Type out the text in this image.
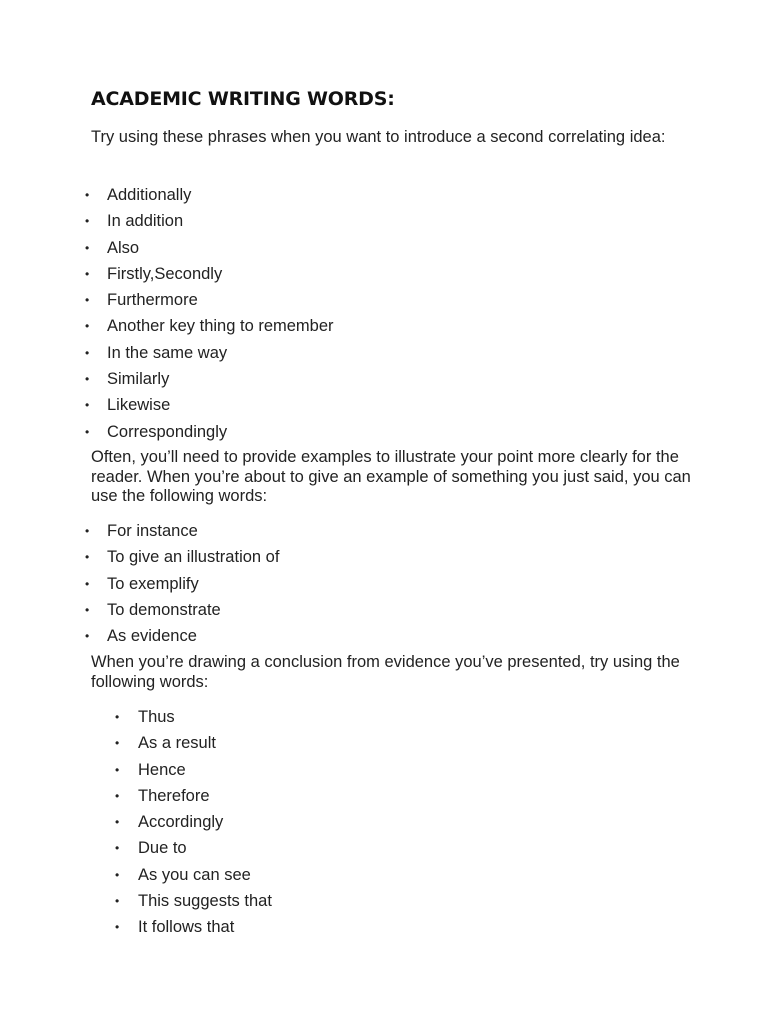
ACADEMIC WRITING WORDS:

Try using these phrases when you want to introduce a second correlating idea:

• Additionally
• In addition
• Also
• Firstly,Secondly
• Furthermore
• Another key thing to remember
• In the same way
• Similarly
• Likewise
• Correspondingly

Often, you’ll need to provide examples to illustrate your point more clearly for the reader. When you’re about to give an example of something you just said, you can use the following words:

• For instance
• To give an illustration of
• To exemplify
• To demonstrate
• As evidence

When you’re drawing a conclusion from evidence you’ve presented, try using the following words:

• Thus
• As a result
• Hence
• Therefore
• Accordingly
• Due to
• As you can see
• This suggests that
• It follows that
